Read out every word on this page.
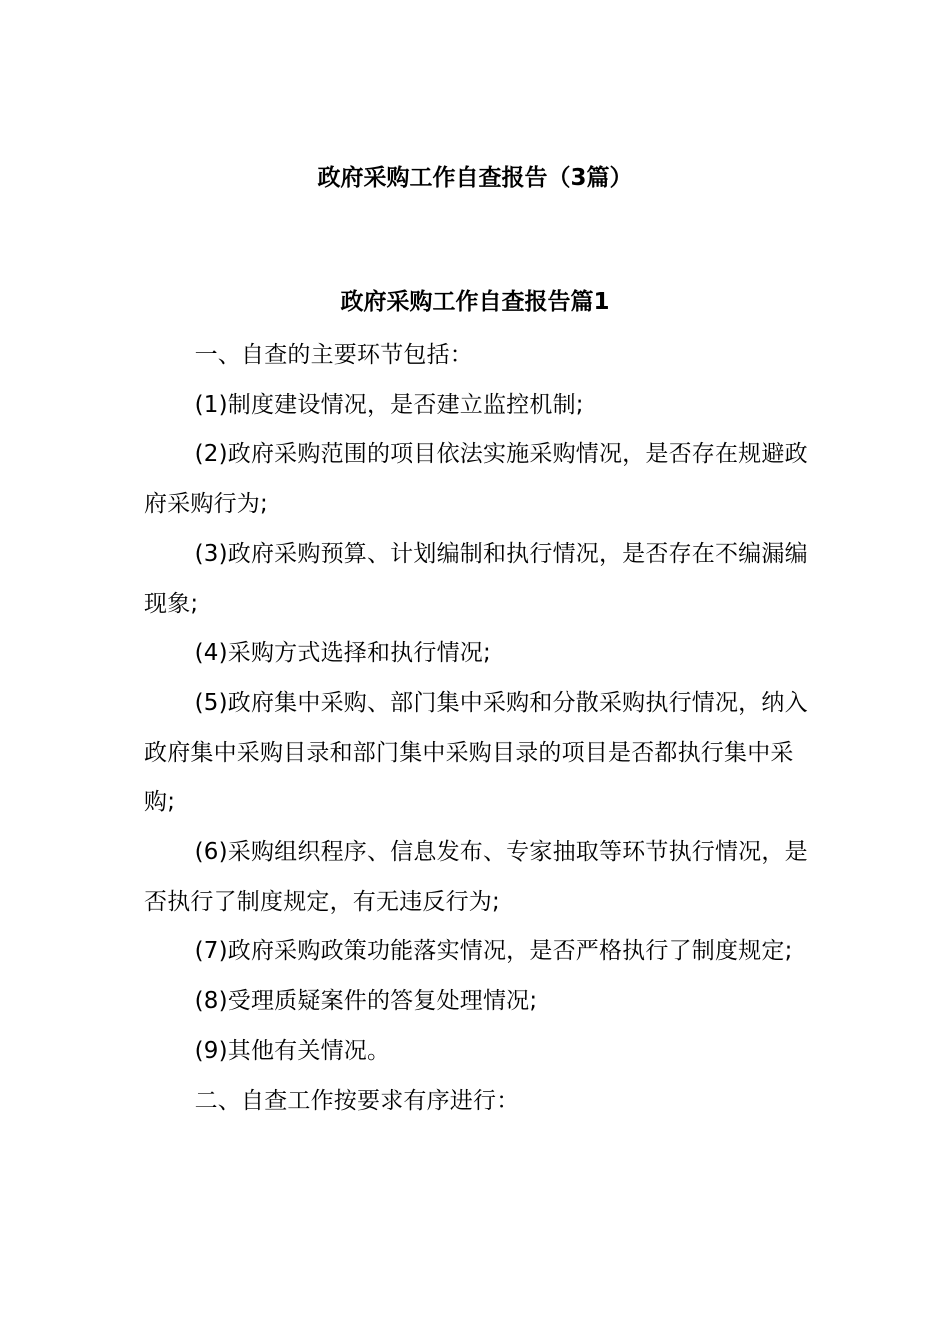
政府采购工作自查报告（3篇）
政府采购工作自查报告篇1

一、自查的主要环节包括：

(1)制度建设情况，是否建立监控机制;

(2)政府采购范围的项目依法实施采购情况，是否存在规避政府采购行为;

(3)政府采购预算、计划编制和执行情况，是否存在不编漏编现象;

(4)采购方式选择和执行情况;

(5)政府集中采购、部门集中采购和分散采购执行情况，纳入政府集中采购目录和部门集中采购目录的项目是否都执行集中采购;

(6)采购组织程序、信息发布、专家抽取等环节执行情况，是否执行了制度规定，有无违反行为;

(7)政府采购政策功能落实情况，是否严格执行了制度规定;

(8)受理质疑案件的答复处理情况;

(9)其他有关情况。

二、自查工作按要求有序进行：
